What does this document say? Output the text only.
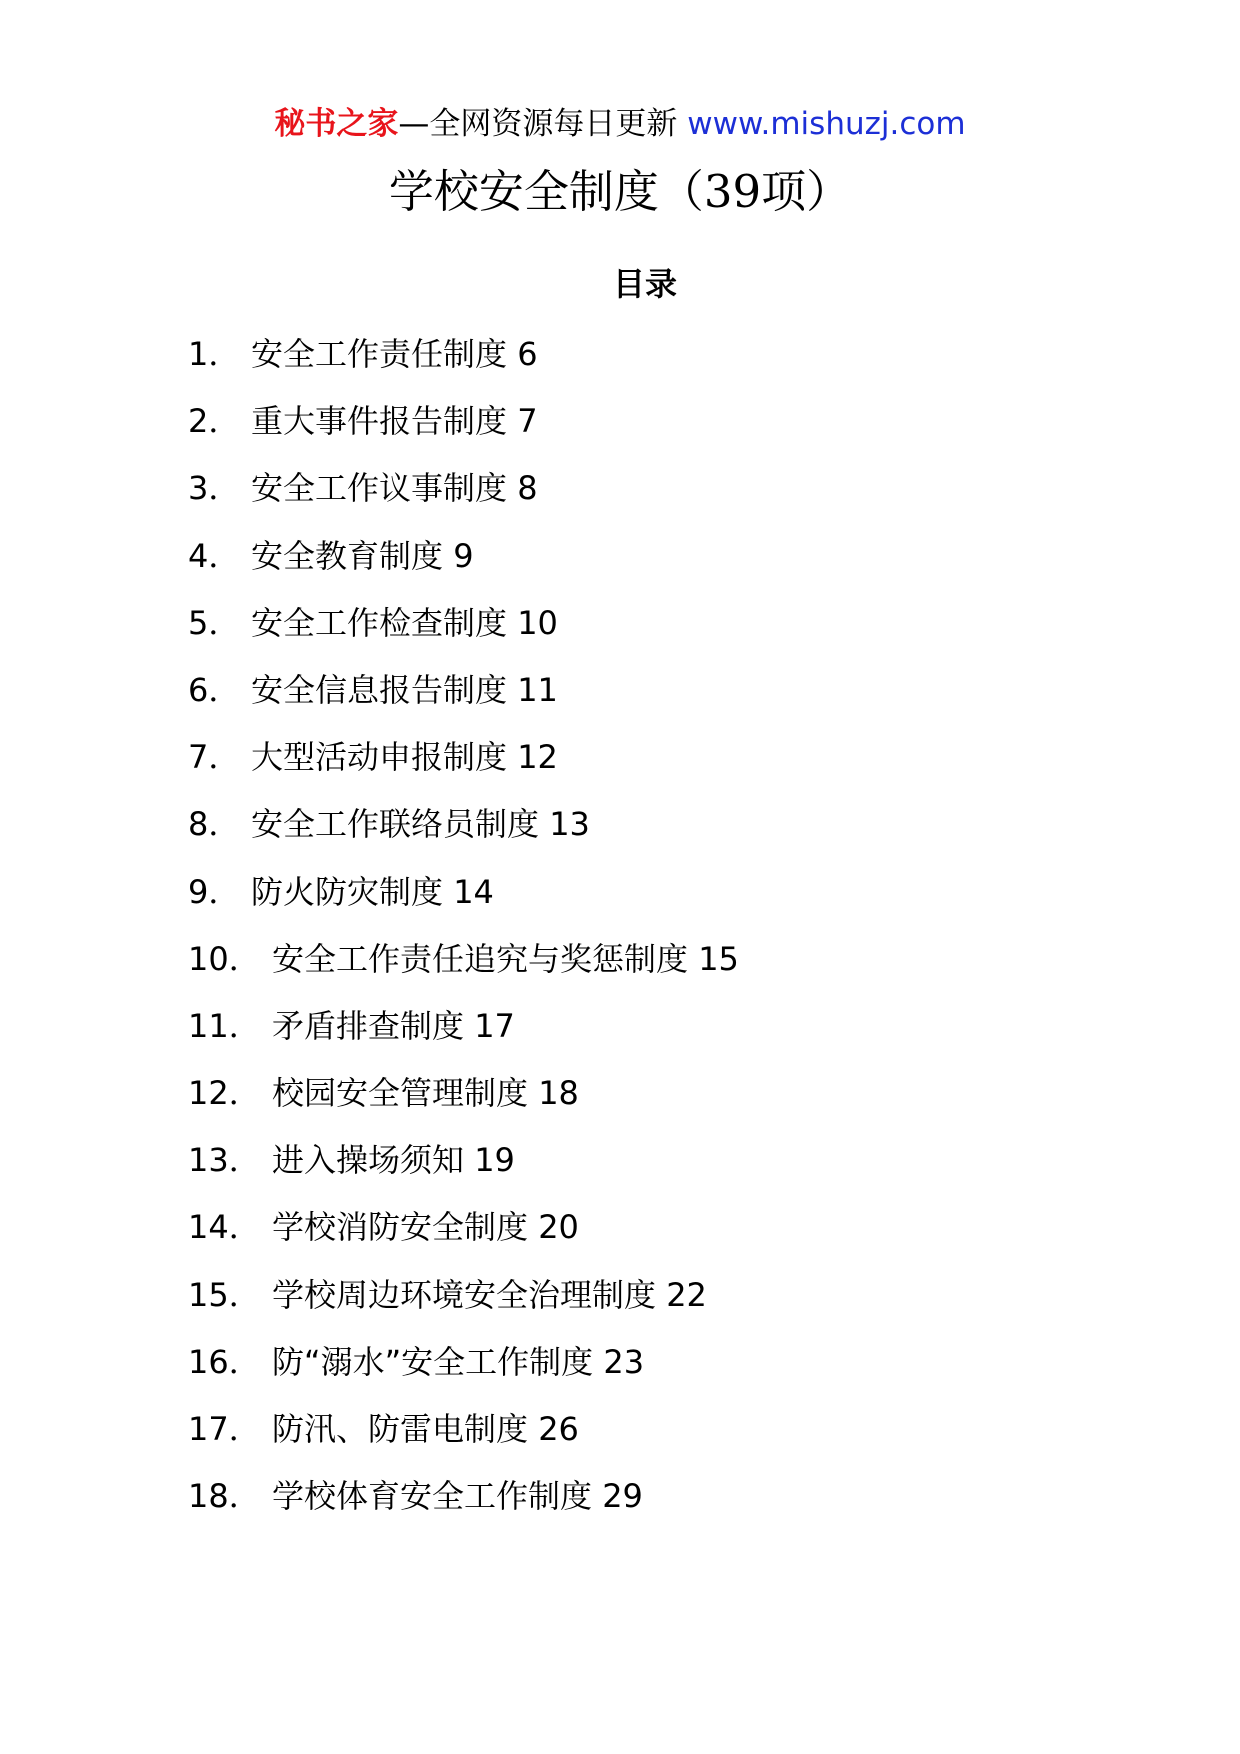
秘书之家—全网资源每日更新 www.mishuzj.com
学校安全制度（39项）
目录
1． 安全工作责任制度 6
2． 重大事件报告制度 7
3． 安全工作议事制度 8
4． 安全教育制度 9
5． 安全工作检查制度 10
6． 安全信息报告制度 11
7． 大型活动申报制度 12
8． 安全工作联络员制度 13
9． 防火防灾制度 14
10． 安全工作责任追究与奖惩制度 15
11． 矛盾排查制度 17
12． 校园安全管理制度 18
13． 进入操场须知 19
14． 学校消防安全制度 20
15． 学校周边环境安全治理制度 22
16． 防“溺水”安全工作制度 23
17． 防汛、防雷电制度 26
18． 学校体育安全工作制度 29
